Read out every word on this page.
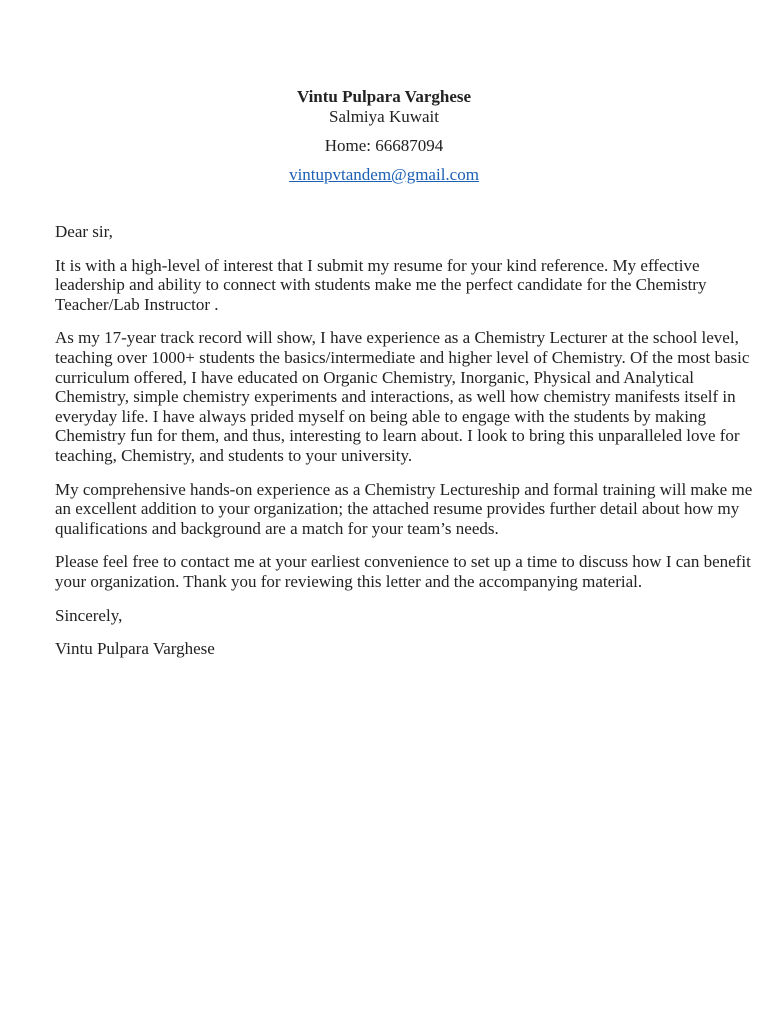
Vintu Pulpara Varghese

Salmiya Kuwait

Home: 66687094

vintupvtandem@gmail.com

Dear sir,

It is with a high-level of interest that I submit my resume for your kind reference. My effective leadership and ability to connect with students make me the perfect candidate for the Chemistry Teacher/Lab Instructor .

As my 17-year track record will show, I have experience as a Chemistry Lecturer at the school level, teaching over 1000+ students the basics/intermediate and higher level of Chemistry. Of the most basic curriculum offered, I have educated on Organic Chemistry, Inorganic, Physical and Analytical Chemistry, simple chemistry experiments and interactions, as well how chemistry manifests itself in everyday life. I have always prided myself on being able to engage with the students by making Chemistry fun for them, and thus, interesting to learn about. I look to bring this unparalleled love for teaching, Chemistry, and students to your university.

My comprehensive hands-on experience as a Chemistry Lectureship and formal training will make me an excellent addition to your organization; the attached resume provides further detail about how my qualifications and background are a match for your team’s needs.

Please feel free to contact me at your earliest convenience to set up a time to discuss how I can benefit your organization. Thank you for reviewing this letter and the accompanying material.

Sincerely,

Vintu Pulpara Varghese
